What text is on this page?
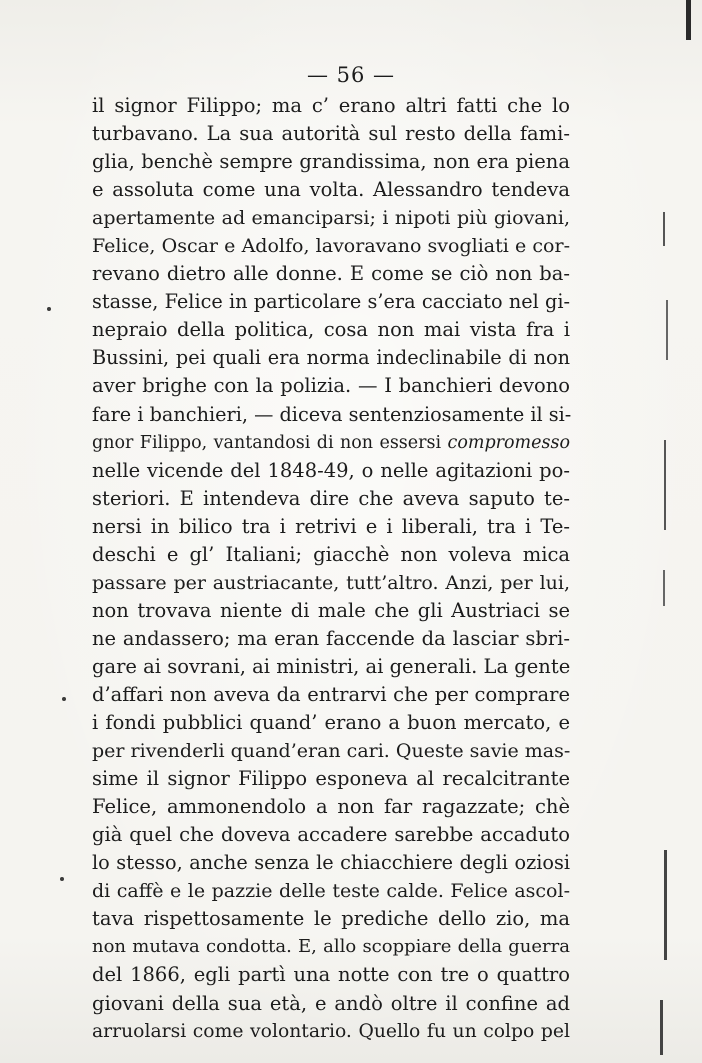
— 56 —
il signor Filippo; ma c’ erano altri fatti che lo
turbavano. La sua autorità sul resto della fami-
glia, benchè sempre grandissima, non era piena
e assoluta come una volta. Alessandro tendeva
apertamente ad emanciparsi; i nipoti più giovani,
Felice, Oscar e Adolfo, lavoravano svogliati e cor-
revano dietro alle donne. E come se ciò non ba-
stasse, Felice in particolare s’era cacciato nel gi-
nepraio della politica, cosa non mai vista fra i
Bussini, pei quali era norma indeclinabile di non
aver brighe con la polizia. — I banchieri devono
fare i banchieri, — diceva sentenziosamente il si-
gnor Filippo, vantandosi di non essersi compromesso
nelle vicende del 1848-49, o nelle agitazioni po-
steriori. E intendeva dire che aveva saputo te-
nersi in bilico tra i retrivi e i liberali, tra i Te-
deschi e gl’ Italiani; giacchè non voleva mica
passare per austriacante, tutt’altro. Anzi, per lui,
non trovava niente di male che gli Austriaci se
ne andassero; ma eran faccende da lasciar sbri-
gare ai sovrani, ai ministri, ai generali. La gente
d’affari non aveva da entrarvi che per comprare
i fondi pubblici quand’ erano a buon mercato, e
per rivenderli quand’eran cari. Queste savie mas-
sime il signor Filippo esponeva al recalcitrante
Felice, ammonendolo a non far ragazzate; chè
già quel che doveva accadere sarebbe accaduto
lo stesso, anche senza le chiacchiere degli oziosi
di caffè e le pazzie delle teste calde. Felice ascol-
tava rispettosamente le prediche dello zio, ma
non mutava condotta. E, allo scoppiare della guerra
del 1866, egli partì una notte con tre o quattro
giovani della sua età, e andò oltre il confine ad
arruolarsi come volontario. Quello fu un colpo pel
